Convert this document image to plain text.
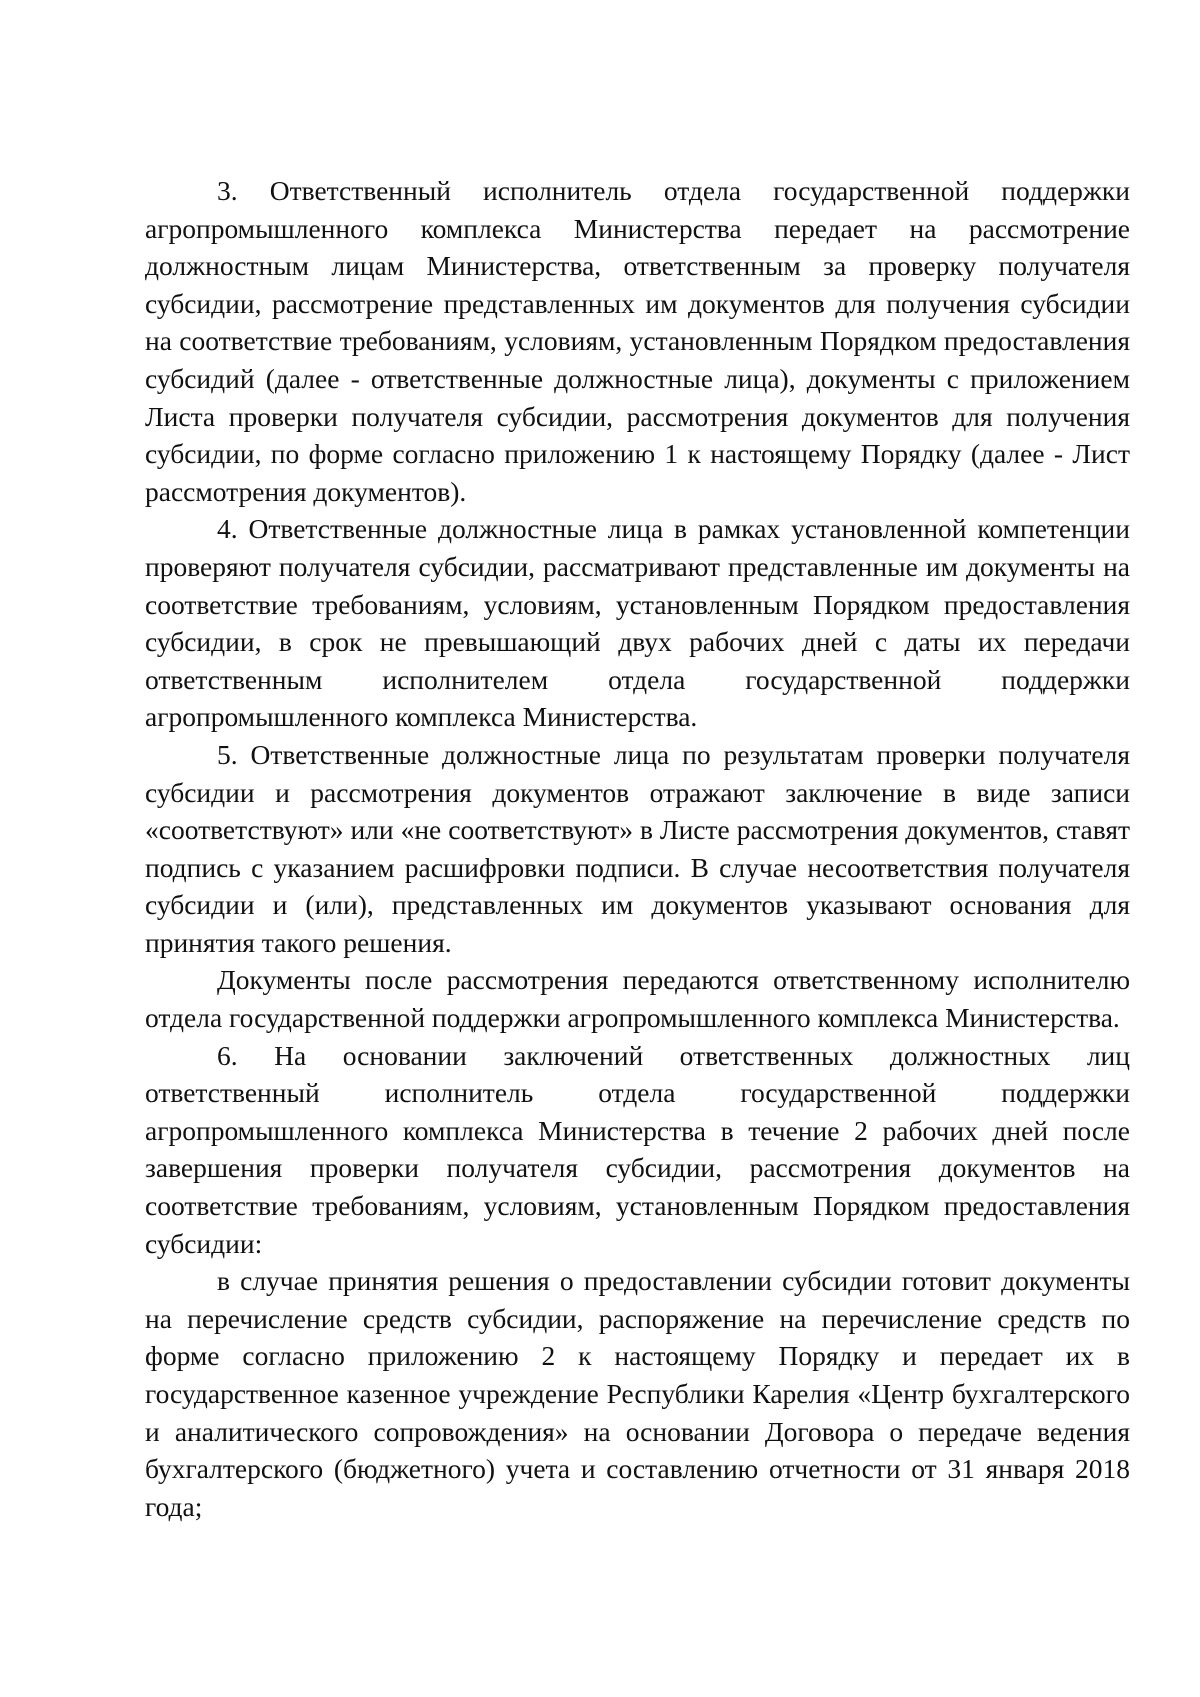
3. Ответственный исполнитель отдела государственной поддержки агропромышленного комплекса Министерства передает на рассмотрение должностным лицам Министерства, ответственным за проверку получателя субсидии, рассмотрение представленных им документов для получения субсидии на соответствие требованиям, условиям, установленным Порядком предоставления субсидий (далее - ответственные должностные лица), документы с приложением Листа проверки получателя субсидии, рассмотрения документов для получения субсидии, по форме согласно приложению 1 к настоящему Порядку (далее - Лист рассмотрения документов).

4. Ответственные должностные лица в рамках установленной компетенции проверяют получателя субсидии, рассматривают представленные им документы на соответствие требованиям, условиям, установленным Порядком предоставления субсидии, в срок не превышающий двух рабочих дней с даты их передачи ответственным исполнителем отдела государственной поддержки агропромышленного комплекса Министерства.

5. Ответственные должностные лица по результатам проверки получателя субсидии и рассмотрения документов отражают заключение в виде записи «соответствуют» или «не соответствуют» в Листе рассмотрения документов, ставят подпись с указанием расшифровки подписи. В случае несоответствия получателя субсидии и (или), представленных им документов указывают основания для принятия такого решения.

Документы после рассмотрения передаются ответственному исполнителю отдела государственной поддержки агропромышленного комплекса Министерства.

6. На основании заключений ответственных должностных лиц ответственный исполнитель отдела государственной поддержки агропромышленного комплекса Министерства в течение 2 рабочих дней после завершения проверки получателя субсидии, рассмотрения документов на соответствие требованиям, условиям, установленным Порядком предоставления субсидии:

в случае принятия решения о предоставлении субсидии готовит документы на перечисление средств субсидии, распоряжение на перечисление средств по форме согласно приложению 2 к настоящему Порядку и передает их в государственное казенное учреждение Республики Карелия «Центр бухгалтерского и аналитического сопровождения» на основании Договора о передаче ведения бухгалтерского (бюджетного) учета и составлению отчетности от 31 января 2018 года;
